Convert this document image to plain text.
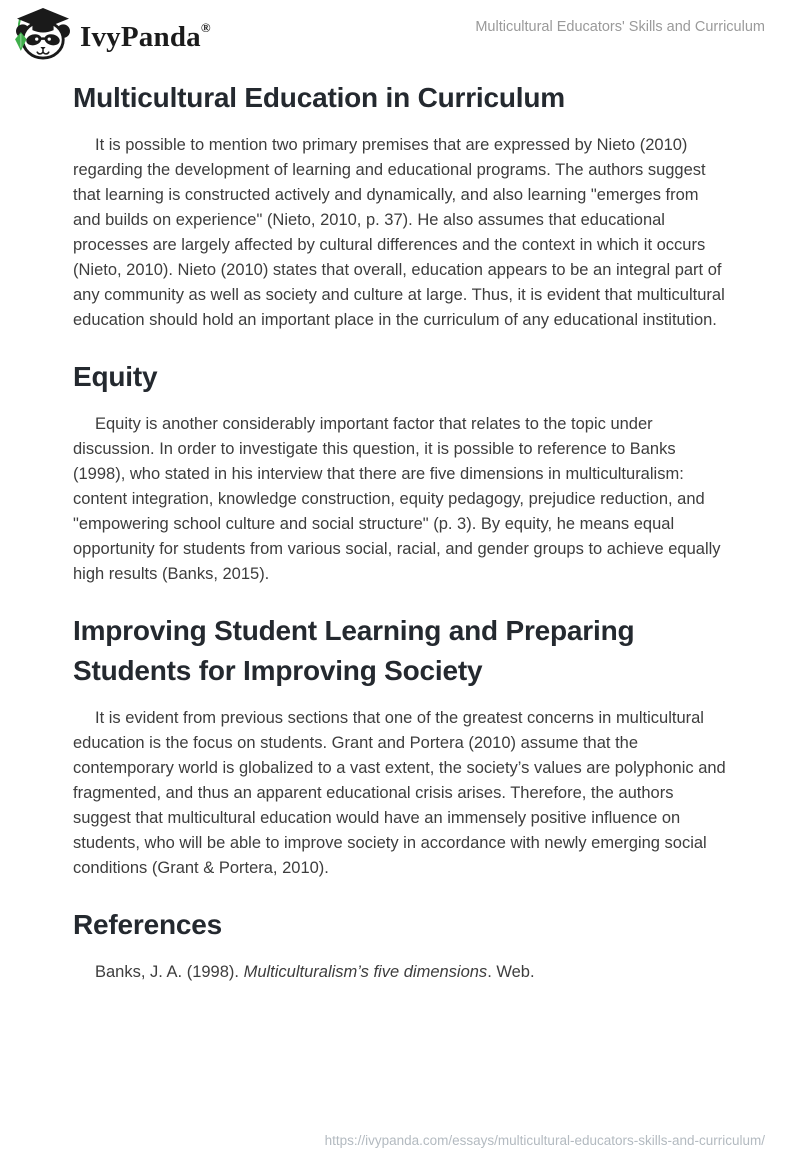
IvyPanda®	Multicultural Educators' Skills and Curriculum
Multicultural Education in Curriculum

It is possible to mention two primary premises that are expressed by Nieto (2010) regarding the development of learning and educational programs. The authors suggest that learning is constructed actively and dynamically, and also learning "emerges from and builds on experience" (Nieto, 2010, p. 37). He also assumes that educational processes are largely affected by cultural differences and the context in which it occurs (Nieto, 2010). Nieto (2010) states that overall, education appears to be an integral part of any community as well as society and culture at large. Thus, it is evident that multicultural education should hold an important place in the curriculum of any educational institution.

Equity

Equity is another considerably important factor that relates to the topic under discussion. In order to investigate this question, it is possible to reference to Banks (1998), who stated in his interview that there are five dimensions in multiculturalism: content integration, knowledge construction, equity pedagogy, prejudice reduction, and "empowering school culture and social structure" (p. 3). By equity, he means equal opportunity for students from various social, racial, and gender groups to achieve equally high results (Banks, 2015).

Improving Student Learning and Preparing Students for Improving Society

It is evident from previous sections that one of the greatest concerns in multicultural education is the focus on students. Grant and Portera (2010) assume that the contemporary world is globalized to a vast extent, the society’s values are polyphonic and fragmented, and thus an apparent educational crisis arises. Therefore, the authors suggest that multicultural education would have an immensely positive influence on students, who will be able to improve society in accordance with newly emerging social conditions (Grant & Portera, 2010).

References

Banks, J. A. (1998). Multiculturalism’s five dimensions. Web.

https://ivypanda.com/essays/multicultural-educators-skills-and-curriculum/
